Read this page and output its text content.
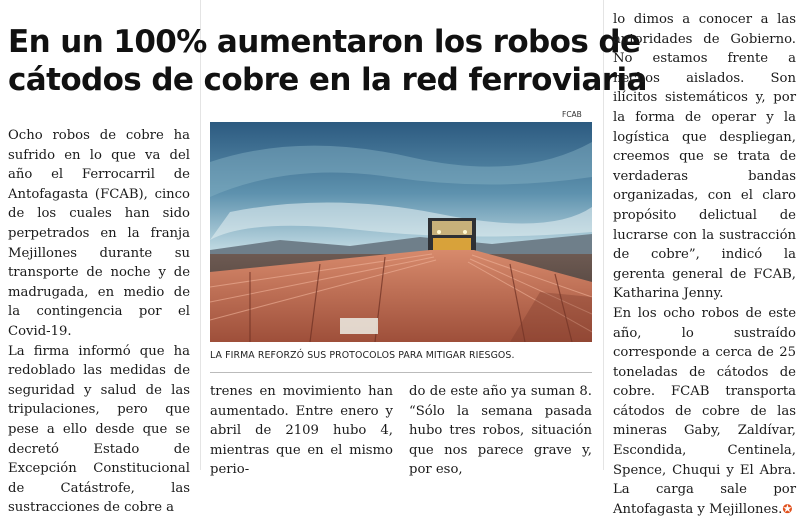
En un 100% aumentaron los robos de
cátodos de cobre en la red ferroviaria

Ocho robos de cobre ha sufrido en lo que va del año el Ferrocarril de Antofagasta (FCAB), cinco de los cuales han sido perpetrados en la franja Mejillones durante su transporte de noche y de madrugada, en medio de la contingencia por el Covid-19.

La firma informó que ha redoblado las medidas de seguridad y salud de las tripulaciones, pero que pese a ello desde que se decretó Estado de Excepción Constitucional de Catástrofe, las sustracciones de cobre a

FCAB
LA FIRMA REFORZÓ SUS PROTOCOLOS PARA MITIGAR RIESGOS.

trenes en movimiento han aumentado. Entre enero y abril de 2109 hubo 4, mientras que en el mismo perio-

do de este año ya suman 8. “Sólo la semana pasada hubo tres robos, situación que nos parece grave y, por eso,

lo dimos a conocer a las autoridades de Gobierno. No estamos frente a hechos aislados. Son ilícitos sistemáticos y, por la forma de operar y la logística que despliegan, creemos que se trata de verdaderas bandas organizadas, con el claro propósito delictual de lucrarse con la sustracción de cobre”, indicó la gerenta general de FCAB, Katharina Jenny.

En los ocho robos de este año, lo sustraído corresponde a cerca de 25 toneladas de cátodos de cobre. FCAB transporta cátodos de cobre de las mineras Gaby, Zaldívar, Escondida, Centinela, Spence, Chuqui y El Abra. La carga sale por Antofagasta y Mejillones.✪
